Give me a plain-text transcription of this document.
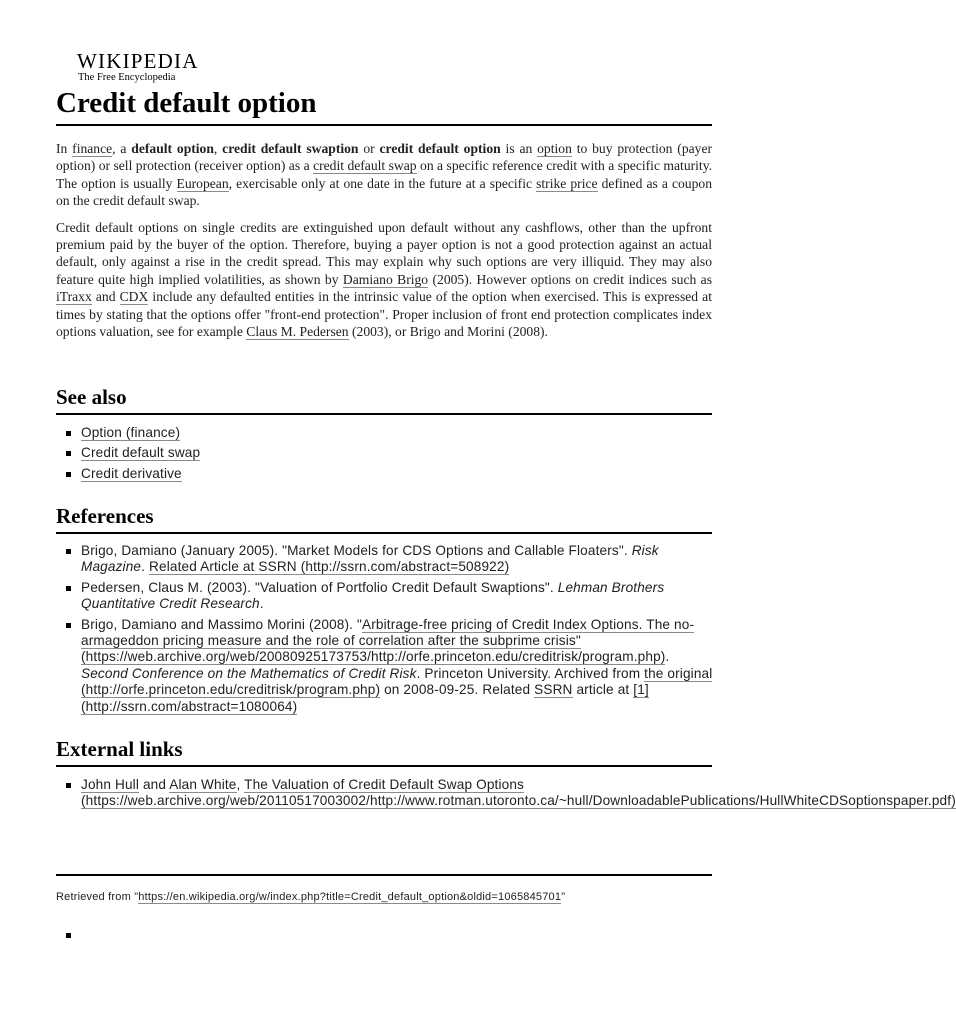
WIKIPEDIA
The Free Encyclopedia
Credit default option

In finance, a default option, credit default swaption or credit default option is an option to buy protection (payer option) or sell protection (receiver option) as a credit default swap on a specific reference credit with a specific maturity. The option is usually European, exercisable only at one date in the future at a specific strike price defined as a coupon on the credit default swap.

Credit default options on single credits are extinguished upon default without any cashflows, other than the upfront premium paid by the buyer of the option. Therefore, buying a payer option is not a good protection against an actual default, only against a rise in the credit spread. This may explain why such options are very illiquid. They may also feature quite high implied volatilities, as shown by Damiano Brigo (2005). However options on credit indices such as iTraxx and CDX include any defaulted entities in the intrinsic value of the option when exercised. This is expressed at times by stating that the options offer "front-end protection". Proper inclusion of front end protection complicates index options valuation, see for example Claus M. Pedersen (2003), or Brigo and Morini (2008).

See also
Option (finance)
Credit default swap
Credit derivative
References
Brigo, Damiano (January 2005). "Market Models for CDS Options and Callable Floaters". Risk Magazine. Related Article at SSRN (http://ssrn.com/abstract=508922)
Pedersen, Claus M. (2003). "Valuation of Portfolio Credit Default Swaptions". Lehman Brothers Quantitative Credit Research.
Brigo, Damiano and Massimo Morini (2008). "Arbitrage-free pricing of Credit Index Options. The no-armageddon pricing measure and the role of correlation after the subprime crisis" (https://web.archive.org/web/20080925173753/http://orfe.princeton.edu/creditrisk/program.php). Second Conference on the Mathematics of Credit Risk. Princeton University. Archived from the original (http://orfe.princeton.edu/creditrisk/program.php) on 2008-09-25. Related SSRN article at [1] (http://ssrn.com/abstract=1080064)
External links
John Hull and Alan White, The Valuation of Credit Default Swap Options (https://web.archive.org/web/20110517003002/http://www.rotman.utoronto.ca/~hull/DownloadablePublications/HullWhiteCDSoptionspaper.pdf)
Retrieved from "https://en.wikipedia.org/w/index.php?title=Credit_default_option&oldid=1065845701"
